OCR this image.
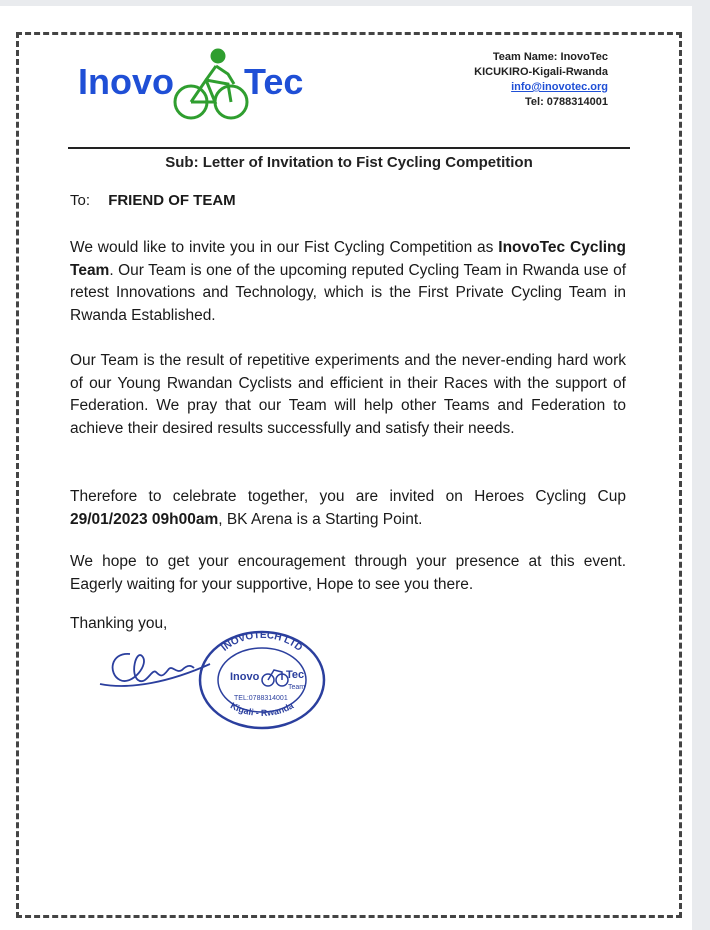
Inovo Tec
Team Name: InovoTec
KICUKIRO-Kigali-Rwanda
info@inovotec.org
Tel: 0788314001
Sub: Letter of Invitation to Fist Cycling Competition
To: FRIEND OF TEAM

We would like to invite you in our Fist Cycling Competition as InovoTec Cycling Team. Our Team is one of the upcoming reputed Cycling Team in Rwanda use of retest Innovations and Technology, which is the First Private Cycling Team in Rwanda Established.

Our Team is the result of repetitive experiments and the never-ending hard work of our Young Rwandan Cyclists and efficient in their Races with the support of Federation. We pray that our Team will help other Teams and Federation to achieve their desired results successfully and satisfy their needs.

Therefore to celebrate together, you are invited on Heroes Cycling Cup 29/01/2023 09h00am, BK Arena is a Starting Point.

We hope to get your encouragement through your presence at this event. Eagerly waiting for your supportive, Hope to see you there.

Thanking you,
INOVOTECH LTD
Inovo Tec
Team
TEL:0788314001
Kigali - Rwanda
